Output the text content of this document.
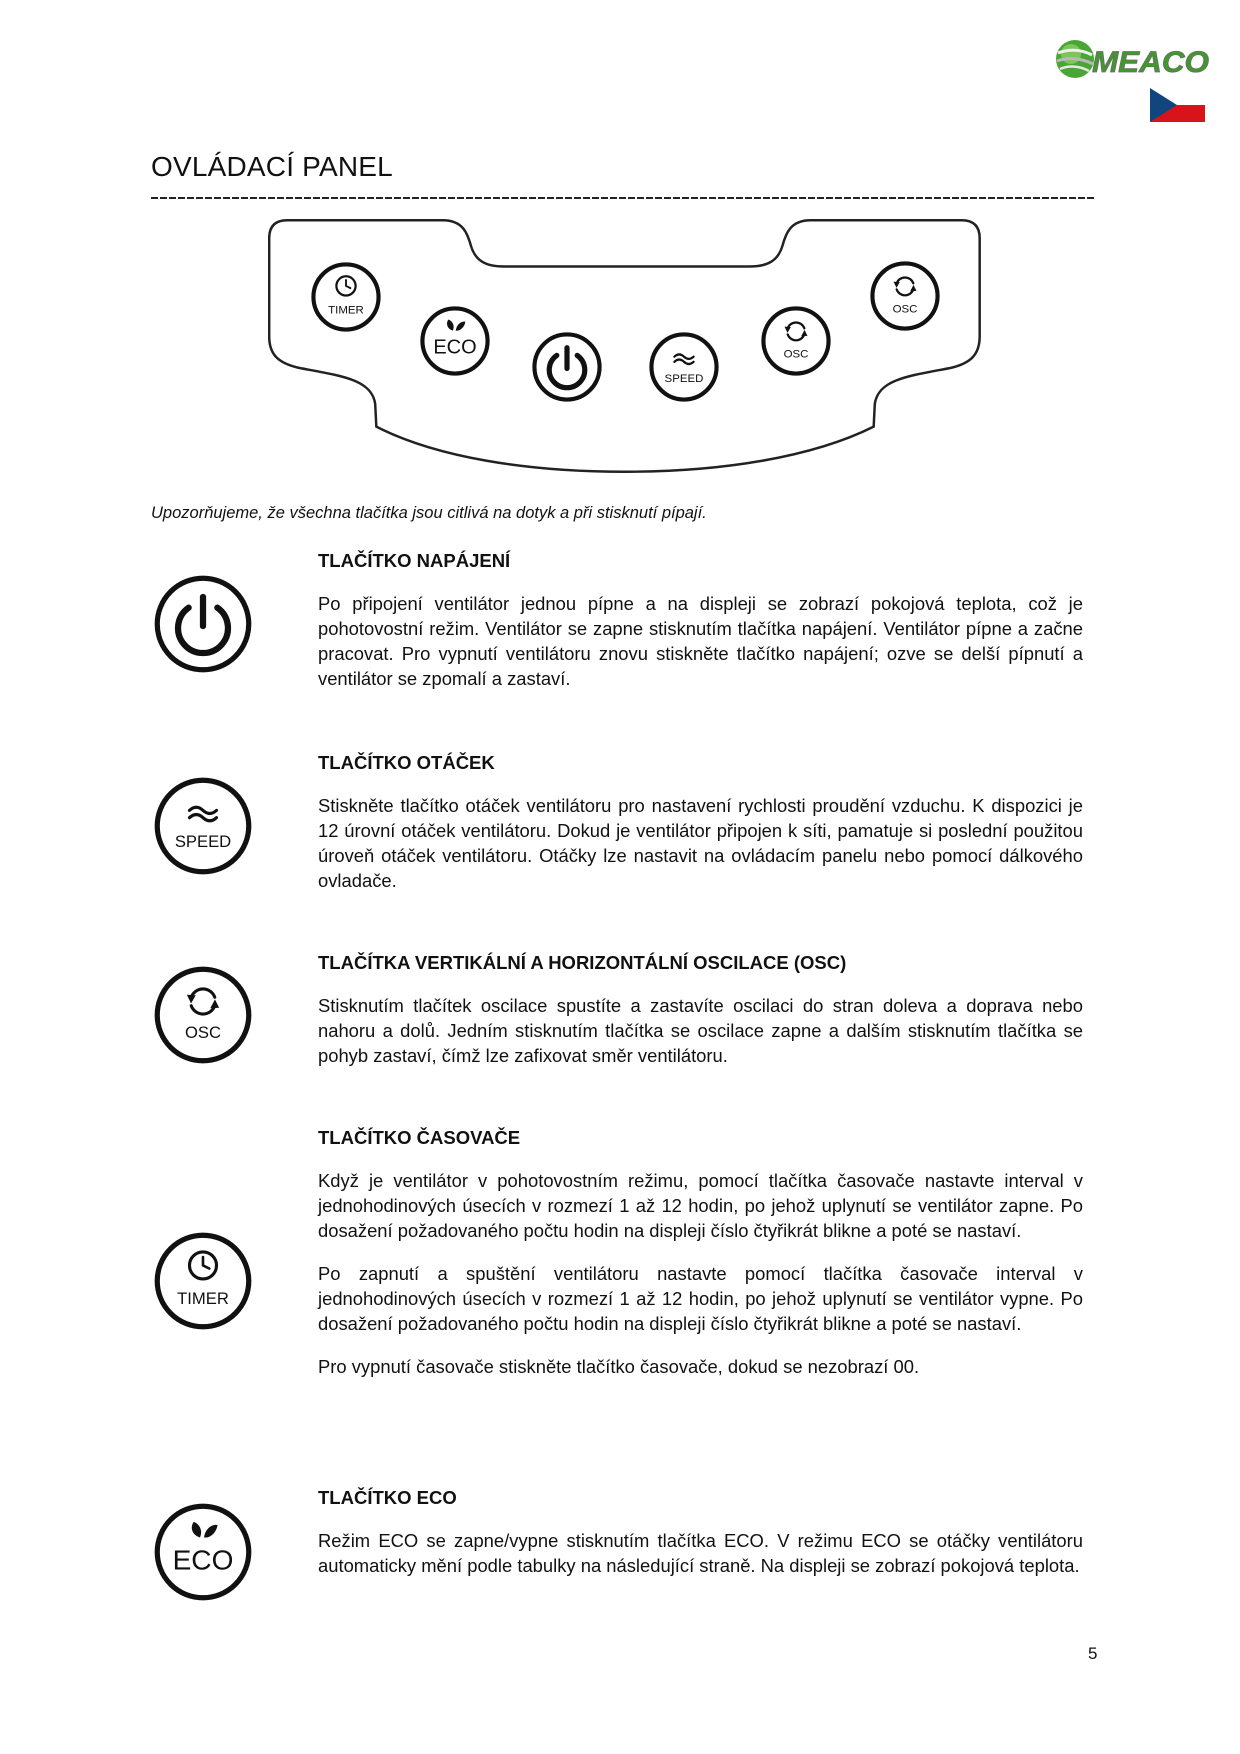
MEACO
OVLÁDACÍ PANEL
TIMER
ECO
SPEED
OSC
OSC

Upozorňujeme, že všechna tlačítka jsou citlivá na dotyk a při stisknutí pípají.

TLAČÍTKO NAPÁJENÍ

Po připojení ventilátor jednou pípne a na displeji se zobrazí pokojová teplota, což je pohotovostní režim. Ventilátor se zapne stisknutím tlačítka napájení. Ventilátor pípne a začne pracovat. Pro vypnutí ventilátoru znovu stiskněte tlačítko napájení; ozve se delší pípnutí a ventilátor se zpomalí a zastaví.

SPEED
TLAČÍTKO OTÁČEK

Stiskněte tlačítko otáček ventilátoru pro nastavení rychlosti proudění vzduchu. K dispozici je 12 úrovní otáček ventilátoru. Dokud je ventilátor připojen k síti, pamatuje si poslední použitou úroveň otáček ventilátoru. Otáčky lze nastavit na ovládacím panelu nebo pomocí dálkového ovladače.

OSC
TLAČÍTKA VERTIKÁLNÍ A HORIZONTÁLNÍ OSCILACE (OSC)

Stisknutím tlačítek oscilace spustíte a zastavíte oscilaci do stran doleva a doprava nebo nahoru a dolů. Jedním stisknutím tlačítka se oscilace zapne a dalším stisknutím tlačítka se pohyb zastaví, čímž lze zafixovat směr ventilátoru.

TIMER
TLAČÍTKO ČASOVAČE

Když je ventilátor v pohotovostním režimu, pomocí tlačítka časovače nastavte interval v jednohodinových úsecích v rozmezí 1 až 12 hodin, po jehož uplynutí se ventilátor zapne. Po dosažení požadovaného počtu hodin na displeji číslo čtyřikrát blikne a poté se nastaví.

Po zapnutí a spuštění ventilátoru nastavte pomocí tlačítka časovače interval v jednohodinových úsecích v rozmezí 1 až 12 hodin, po jehož uplynutí se ventilátor vypne. Po dosažení požadovaného počtu hodin na displeji číslo čtyřikrát blikne a poté se nastaví.

Pro vypnutí časovače stiskněte tlačítko časovače, dokud se nezobrazí 00.

ECO
TLAČÍTKO ECO

Režim ECO se zapne/vypne stisknutím tlačítka ECO. V režimu ECO se otáčky ventilátoru automaticky mění podle tabulky na následující straně. Na displeji se zobrazí pokojová teplota.

5
